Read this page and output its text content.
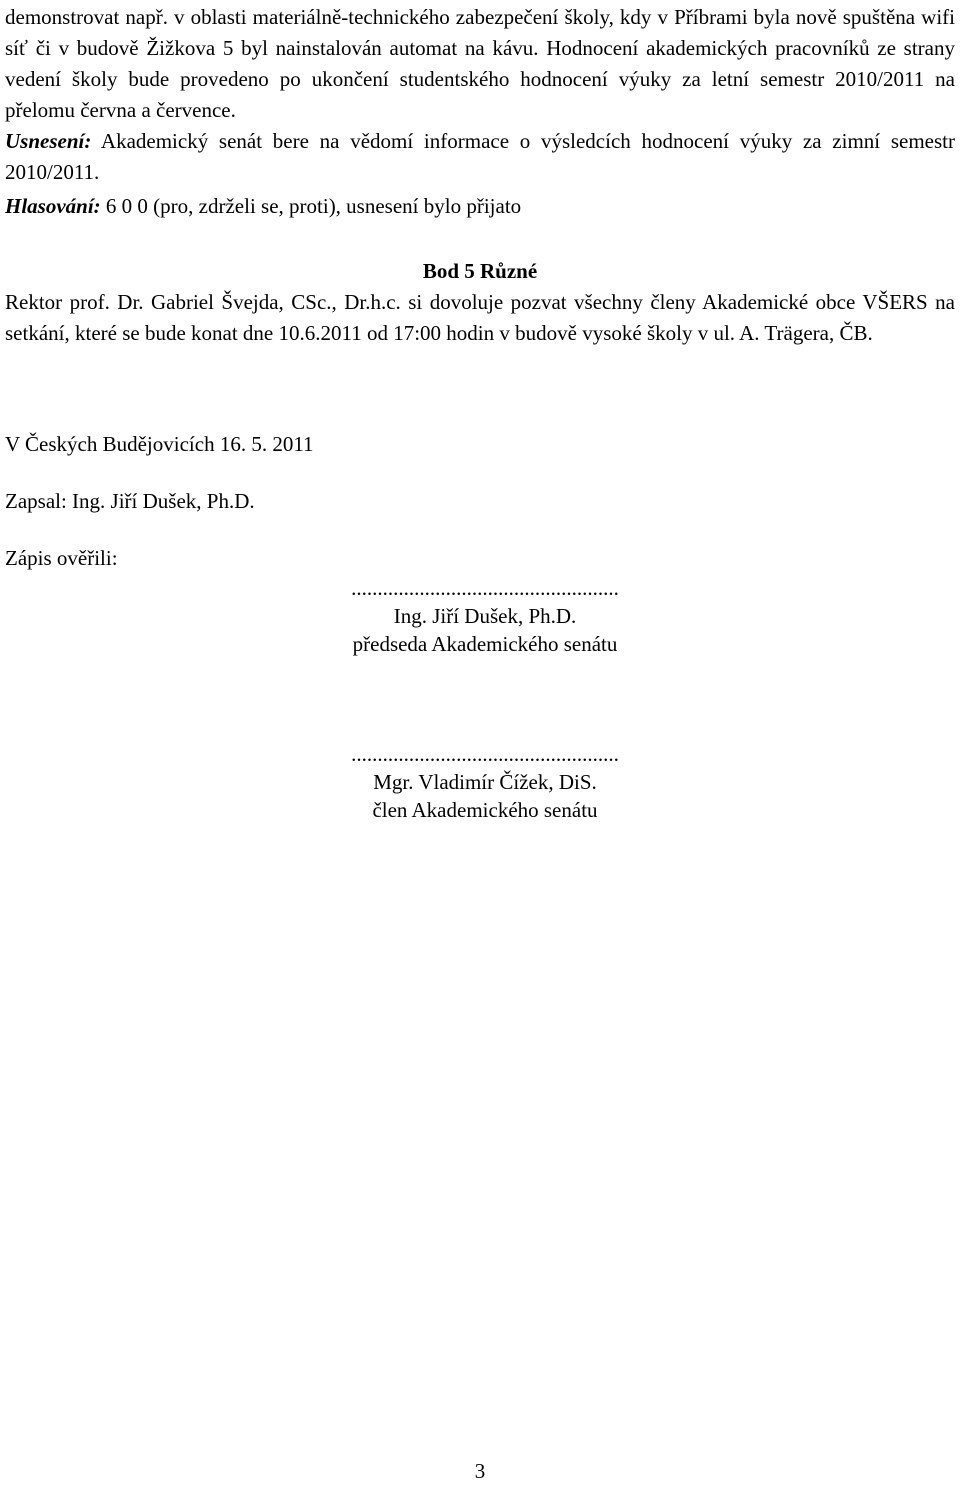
demonstrovat např. v oblasti materiálně-technického zabezpečení školy, kdy v Příbrami byla nově spuštěna wifi síť či v budově Žižkova 5 byl nainstalován automat na kávu. Hodnocení akademických pracovníků ze strany vedení školy bude provedeno po ukončení studentského hodnocení výuky za letní semestr 2010/2011 na přelomu června a července.

Usnesení: Akademický senát bere na vědomí informace o výsledcích hodnocení výuky za zimní semestr 2010/2011.

Hlasování: 6 0 0 (pro, zdrželi se, proti), usnesení bylo přijato

Bod 5 Různé

Rektor prof. Dr. Gabriel Švejda, CSc., Dr.h.c. si dovoluje pozvat všechny členy Akademické obce VŠERS na setkání, které se bude konat dne 10.6.2011 od 17:00 hodin v budově vysoké školy v ul. A. Trägera, ČB.

V Českých Budějovicích 16. 5. 2011
Zapsal: Ing. Jiří Dušek, Ph.D.
Zápis ověřili:
...................................................
Ing. Jiří Dušek, Ph.D.
předseda Akademického senátu
...................................................
Mgr. Vladimír Čížek, DiS.
člen Akademického senátu
3
